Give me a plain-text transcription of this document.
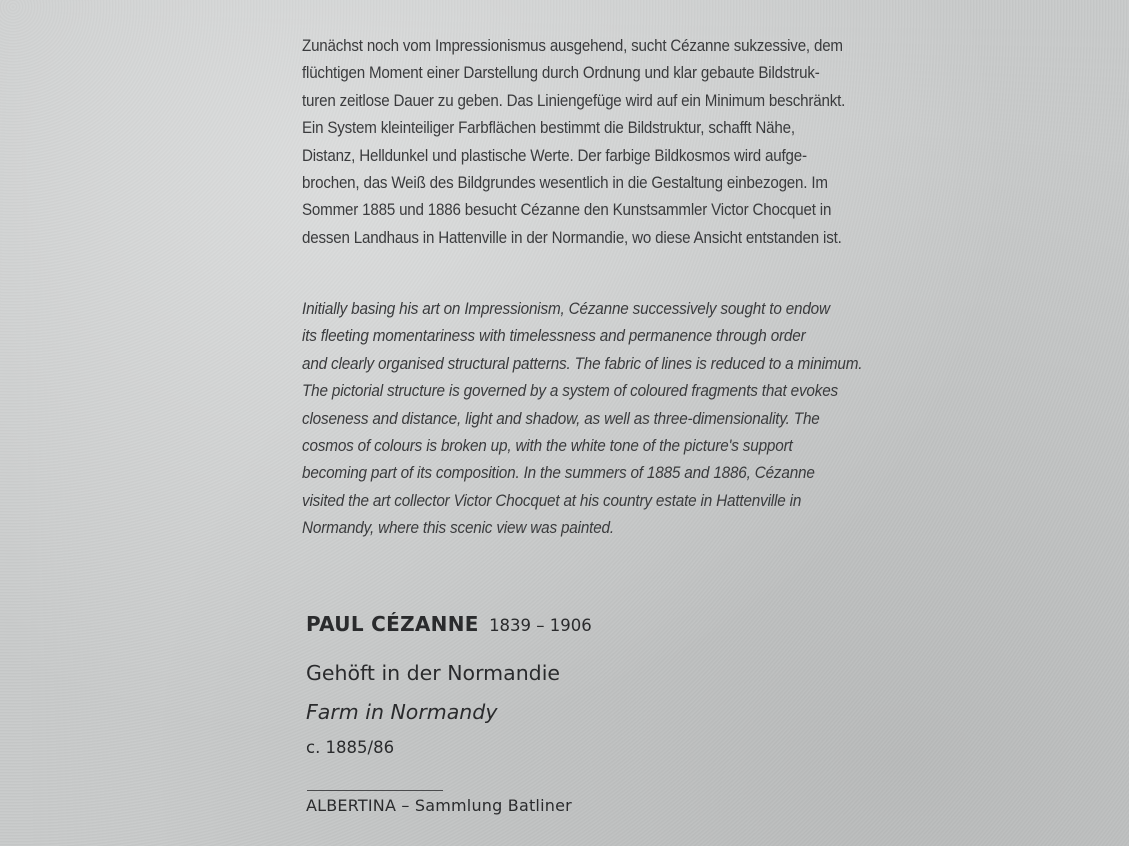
Zunächst noch vom Impressionismus ausgehend, sucht Cézanne sukzessive, dem
flüchtigen Moment einer Darstellung durch Ordnung und klar gebaute Bildstruk-
turen zeitlose Dauer zu geben. Das Liniengefüge wird auf ein Minimum beschränkt.
Ein System kleinteiliger Farbflächen bestimmt die Bildstruktur, schafft Nähe,
Distanz, Helldunkel und plastische Werte. Der farbige Bildkosmos wird aufge-
brochen, das Weiß des Bildgrundes wesentlich in die Gestaltung einbezogen. Im
Sommer 1885 und 1886 besucht Cézanne den Kunstsammler Victor Chocquet in
dessen Landhaus in Hattenville in der Normandie, wo diese Ansicht entstanden ist.
Initially basing his art on Impressionism, Cézanne successively sought to endow
its fleeting momentariness with timelessness and permanence through order
and clearly organised structural patterns. The fabric of lines is reduced to a minimum.
The pictorial structure is governed by a system of coloured fragments that evokes
closeness and distance, light and shadow, as well as three-dimensionality. The
cosmos of colours is broken up, with the white tone of the picture's support
becoming part of its composition. In the summers of 1885 and 1886, Cézanne
visited the art collector Victor Chocquet at his country estate in Hattenville in
Normandy, where this scenic view was painted.
PAUL CÉZANNE 1839 – 1906
Gehöft in der Normandie
Farm in Normandy
c. 1885/86
ALBERTINA – Sammlung Batliner
